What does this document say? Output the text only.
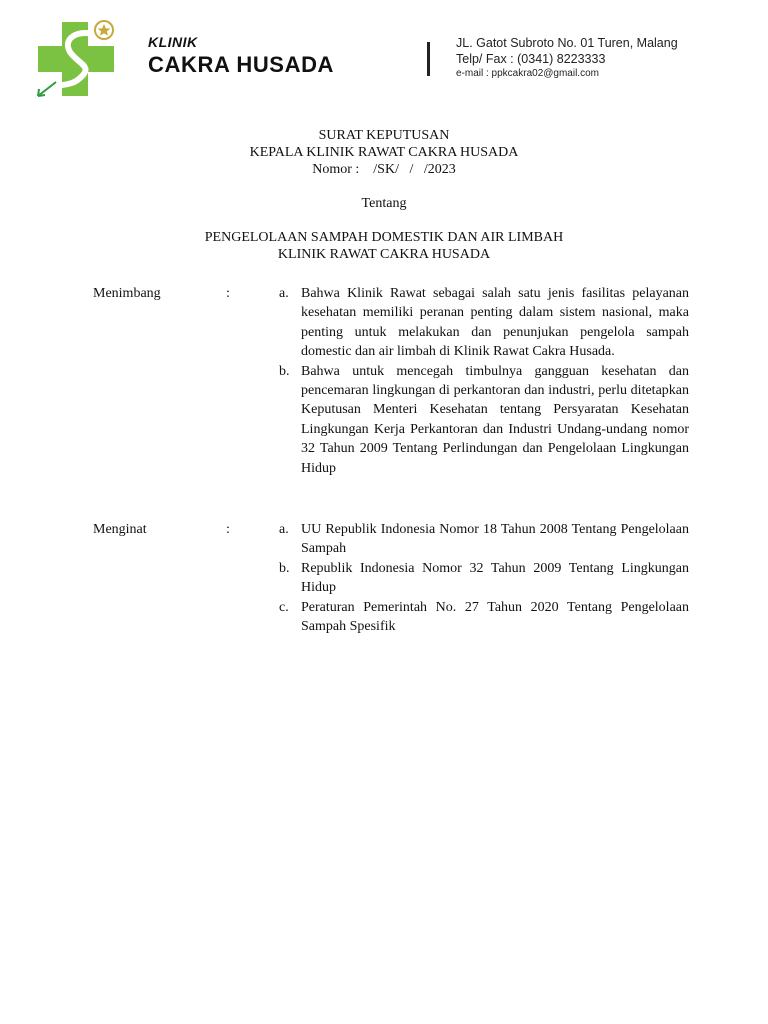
KLINIK
CAKRA HUSADA
JL. Gatot Subroto No. 01 Turen, Malang
Telp/ Fax : (0341) 8223333
e-mail : ppkcakra02@gmail.com
SURAT KEPUTUSAN
KEPALA KLINIK RAWAT CAKRA HUSADA
Nomor :    /SK/   /   /2023
Tentang
PENGELOLAAN SAMPAH DOMESTIK DAN AIR LIMBAH
KLINIK RAWAT CAKRA HUSADA
Menimbang	:	a. Bahwa Klinik Rawat sebagai salah satu jenis fasilitas pelayanan kesehatan memiliki peranan penting dalam sistem nasional, maka penting untuk melakukan dan penunjukan pengelola sampah domestic dan air limbah di Klinik Rawat Cakra Husada.
b. Bahwa untuk mencegah timbulnya gangguan kesehatan dan pencemaran lingkungan di perkantoran dan industri, perlu ditetapkan Keputusan Menteri Kesehatan tentang Persyaratan Kesehatan Lingkungan Kerja Perkantoran dan Industri Undang-undang nomor 32 Tahun 2009 Tentang Perlindungan dan Pengelolaan Lingkungan Hidup
Menginat	:	a. UU Republik Indonesia Nomor 18 Tahun 2008 Tentang Pengelolaan Sampah
b. Republik Indonesia Nomor 32 Tahun 2009 Tentang Lingkungan Hidup
c. Peraturan Pemerintah No. 27 Tahun 2020 Tentang Pengelolaan Sampah Spesifik
